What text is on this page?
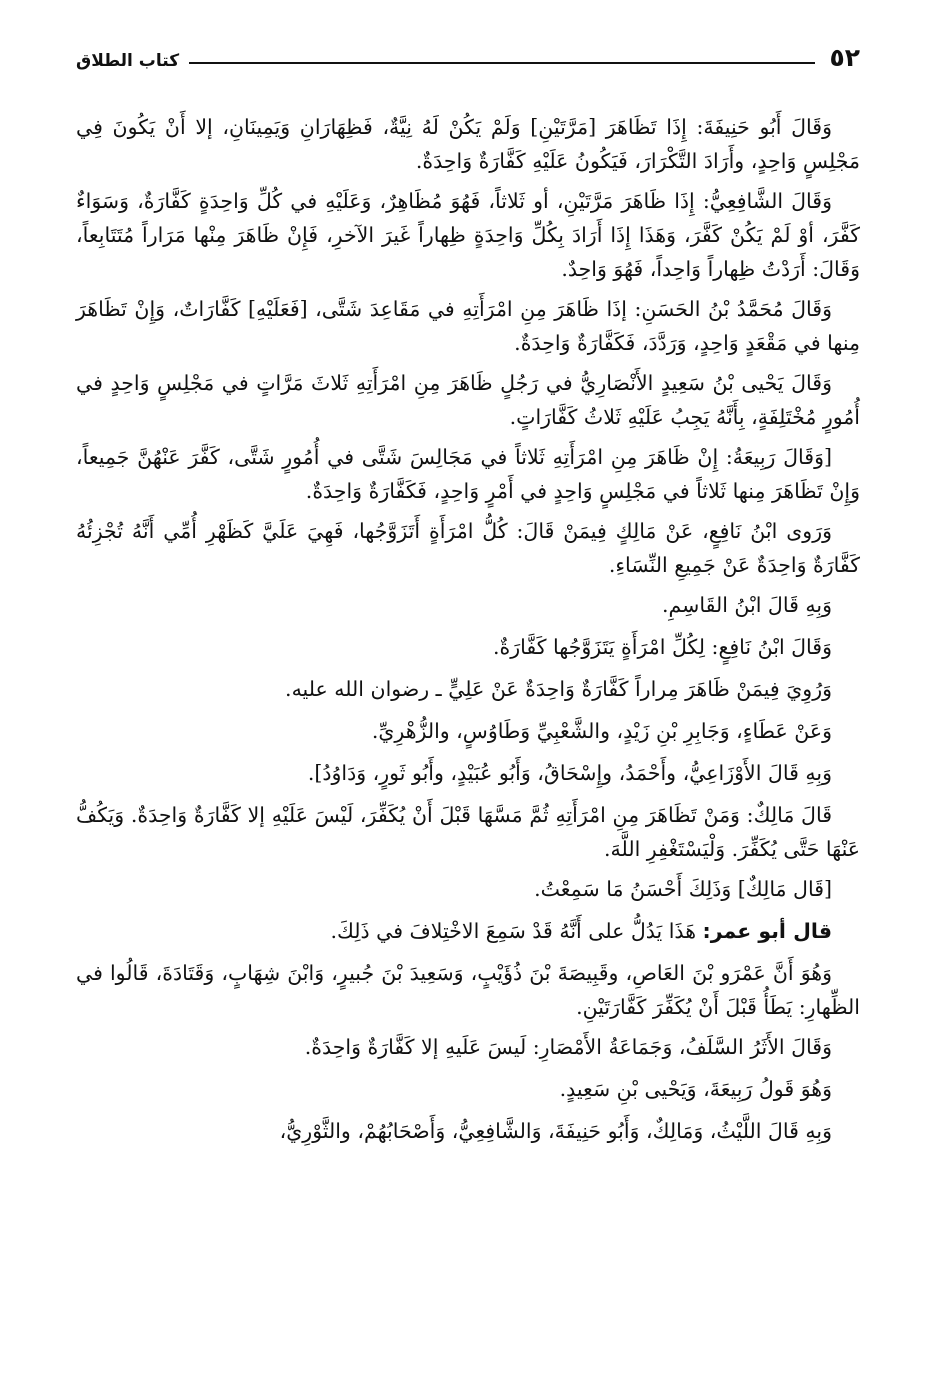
٥٢
كتاب الطلاق

وَقَالَ أَبُو حَنِيفَةَ: إِذَا تَظَاهَرَ [مَرَّتَيْنِ] وَلَمْ يَكُنْ لَهُ نِيَّةٌ، فَظِهَارَانِ وَيَمِينَانِ، إلا أَنْ يَكُونَ فِي مَجْلِسٍ وَاحِدٍ، وأَرَادَ التَّكْرَارَ، فَيَكُونُ عَلَيْهِ كَفَّارَةٌ وَاحِدَةٌ.

وَقَالَ الشَّافِعِيُّ: إِذَا ظَاهَرَ مَرَّتَيْنِ، أو ثَلاثاً، فَهُوَ مُظَاهِرٌ، وَعَلَيْهِ في كُلِّ وَاحِدَةٍ كَفَّارَةٌ، وَسَوَاءٌ كَفَّرَ، أوْ لَمْ يَكُنْ كَفَّرَ، وَهَذَا إِذَا أَرَادَ بِكُلِّ وَاحِدَةٍ ظِهاراً غَيرَ الآخرِ، فَإِنْ ظَاهَرَ مِنْها مَرَاراً مُتَتَابِعاً، وَقَالَ: أَرَدْتُ ظِهاراً وَاحِداً، فَهُوَ وَاحِدٌ.

وَقَالَ مُحَمَّدُ بْنُ الحَسَنِ: إذَا ظَاهَرَ مِنِ امْرَأَتِهِ في مَقَاعِدَ شَتَّى، [فَعَلَيْهِ] كَفَّارَاتٌ، وَإِنْ تَظَاهَرَ مِنها في مَقْعَدٍ وَاحِدٍ، وَرَدَّدَ، فَكَفَّارَةٌ وَاحِدَةٌ.

وَقَالَ يَحْيى بْنُ سَعِيدٍ الأَنْصَارِيُّ في رَجُلٍ ظَاهَرَ مِنِ امْرَأَتِهِ ثَلاثَ مَرَّاتٍ في مَجْلِسٍ وَاحِدٍ في أُمُورٍ مُخْتَلِفَةٍ، بِأَنَّهُ يَجِبُ عَلَيْهِ ثَلاثُ كَفَّارَاتٍ.

[وَقَالَ رَبِيعَةُ: إِنْ ظَاهَرَ مِنِ امْرَأَتِهِ ثَلاثاً في مَجَالِسَ شَتَّى في أُمُورٍ شَتَّى، كَفَّرَ عَنْهُنَّ جَمِيعاً، وَإِنْ تَظَاهَرَ مِنها ثَلاثاً في مَجْلِسٍ وَاحِدٍ في أَمْرٍ وَاحِدٍ، فَكَفَّارَةٌ وَاحِدَةٌ.

وَرَوى ابْنُ نَافِعٍ، عَنْ مَالِكٍ فِيمَنْ قَالَ: كُلُّ امْرَأَةٍ أَتَزَوَّجُها، فَهِيَ عَلَيَّ كَظَهْرِ أُمِّي أَنَّهُ تُجْزِئُهُ كَفَّارَةٌ وَاحِدَةٌ عَنْ جَمِيعِ النِّسَاءِ.

وَبِهِ قَالَ ابْنُ القَاسِمِ.

وَقَالَ ابْنُ نَافِعٍ: لِكُلِّ امْرَأَةٍ يَتَزَوَّجُها كَفَّارَةٌ.

وَرُوِيَ فِيمَنْ ظَاهَرَ مِراراً كَفَّارَةٌ وَاحِدَةٌ عَنْ عَلِيٍّ ـ رضوان الله عليه.

وَعَنْ عَطَاءٍ، وَجَابِرِ بْنِ زَيْدٍ، والشَّعْبِيِّ وَطَاوُسٍ، والزُّهْرِيِّ.

وَبِهِ قَالَ الأَوْزَاعِيُّ، وأَحْمَدُ، وإِسْحَاقُ، وَأَبُو عُبَيْدٍ، وأَبُو ثَورٍ، وَدَاوُدُ].

قَالَ مَالِكٌ: وَمَنْ تَظَاهَرَ مِنِ امْرَأَتِهِ ثُمَّ مَسَّهَا قَبْلَ أَنْ يُكَفِّرَ، لَيْسَ عَلَيْهِ إلا كَفَّارَةٌ وَاحِدَةٌ. وَيَكُفُّ عَنْهَا حَتَّى يُكَفِّرَ. وَلْيَسْتَغْفِرِ اللَّهَ.

[قَال مَالِكٌ] وَذَلِكَ أَحْسَنُ مَا سَمِعْتُ.

قال أبو عمر: هَذَا يَدُلُّ على أَنَّهُ قَدْ سَمِعَ الاخْتِلافَ في ذَلِكَ.

وَهُوَ أَنَّ عَمْرَو بْنَ العَاصِ، وقَبِيصَةَ بْنَ ذُؤَيْبٍ، وَسَعِيدَ بْنَ جُبيرٍ، وَابْنَ شِهَابٍ، وَقَتَادَةَ، قَالُوا في الظِّهارِ: يَطَأُ قَبْلَ أَنْ يُكَفِّرَ كَفَّارَتَيْنِ.

وَقَالَ الأَثَرُ السَّلَفُ، وَجَمَاعَةُ الأَمْصَارِ: لَيسَ عَلَيهِ إلا كَفَّارَةٌ وَاحِدَةٌ.

وَهُوَ قَولُ رَبِيعَةَ، وَيَحْيى بْنِ سَعِيدٍ.

وَبِهِ قَالَ اللَّيْثُ، وَمَالِكٌ، وَأَبُو حَنِيفَةَ، وَالشَّافِعِيُّ، وَأَصْحَابُهُمْ، والثَّوْرِيُّ،
